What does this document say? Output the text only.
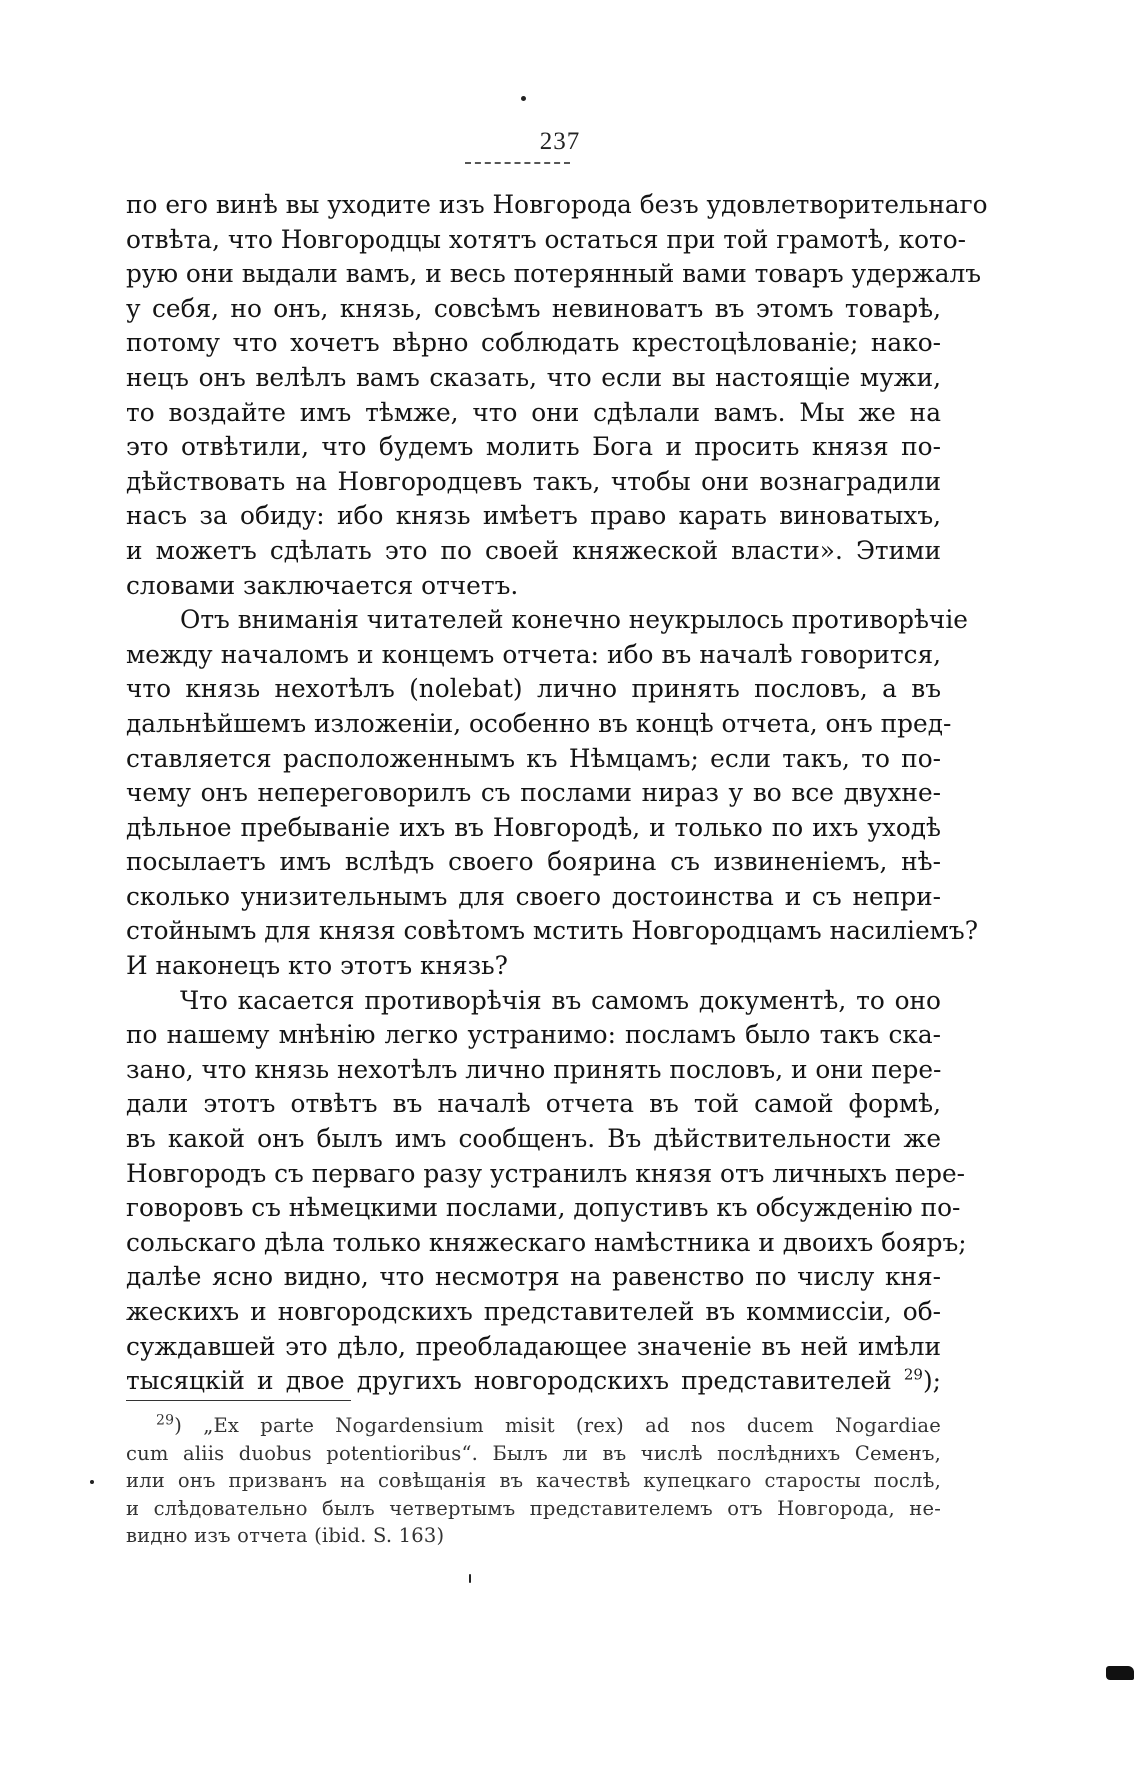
237
по его винѣ вы уходите изъ Новгорода безъ удовлетворительнаго
отвѣта, что Новгородцы хотятъ остаться при той грамотѣ, кото-
рую они выдали вамъ, и весь потерянный вами товаръ удержалъ
у себя, но онъ, князь, совсѣмъ невиноватъ въ этомъ товарѣ,
потому что хочетъ вѣрно соблюдать крестоцѣлованіе; нако-
нецъ онъ велѣлъ вамъ сказать, что если вы настоящіе мужи,
то воздайте имъ тѣмже, что они сдѣлали вамъ. Мы же на
это отвѣтили, что будемъ молить Бога и просить князя по-
дѣйствовать на Новгородцевъ такъ, чтобы они вознаградили
насъ за обиду: ибо князь имѣетъ право карать виноватыхъ,
и можетъ сдѣлать это по своей княжеской власти». Этими
словами заключается отчетъ.
Отъ вниманія читателей конечно неукрылось противорѣчіе
между началомъ и концемъ отчета: ибо въ началѣ говорится,
что князь нехотѣлъ (nolebat) лично принять пословъ, а въ
дальнѣйшемъ изложеніи, особенно въ концѣ отчета, онъ пред-
ставляется расположеннымъ къ Нѣмцамъ; если такъ, то по-
чему онъ непереговорилъ съ послами нираз у во все двухне-
дѣльное пребываніе ихъ въ Новгородѣ, и только по ихъ уходѣ
посылаетъ имъ вслѣдъ своего боярина съ извиненіемъ, нѣ-
сколько унизительнымъ для своего достоинства и съ непри-
стойнымъ для князя совѣтомъ мстить Новгородцамъ насиліемъ?
И наконецъ кто этотъ князь?
Что касается противорѣчія въ самомъ документѣ, то оно
по нашему мнѣнію легко устранимо: посламъ было такъ ска-
зано, что князь нехотѣлъ лично принять пословъ, и они пере-
дали этотъ отвѣтъ въ началѣ отчета въ той самой формѣ,
въ какой онъ былъ имъ сообщенъ. Въ дѣйствительности же
Новгородъ съ перваго разу устранилъ князя отъ личныхъ пере-
говоровъ съ нѣмецкими послами, допустивъ къ обсужденію по-
сольскаго дѣла только княжескаго намѣстника и двоихъ бояръ;
далѣе ясно видно, что несмотря на равенство по числу кня-
жескихъ и новгородскихъ представителей въ коммиссіи, об-
суждавшей это дѣло, преобладающее значеніе въ ней имѣли
тысяцкій и двое другихъ новгородскихъ представителей $^{29}$);
$^{29}$) „Ex parte Nogardensium misit (rex) ad nos ducem Nogardiae
cum aliis duobus potentioribus“. Былъ ли въ числѣ послѣднихъ Семенъ,
или онъ призванъ на совѣщанія въ качествѣ купецкаго старосты послѣ,
и слѣдовательно былъ четвертымъ представителемъ отъ Новгорода, не-
видно изъ отчета (ibid. S. 163)
